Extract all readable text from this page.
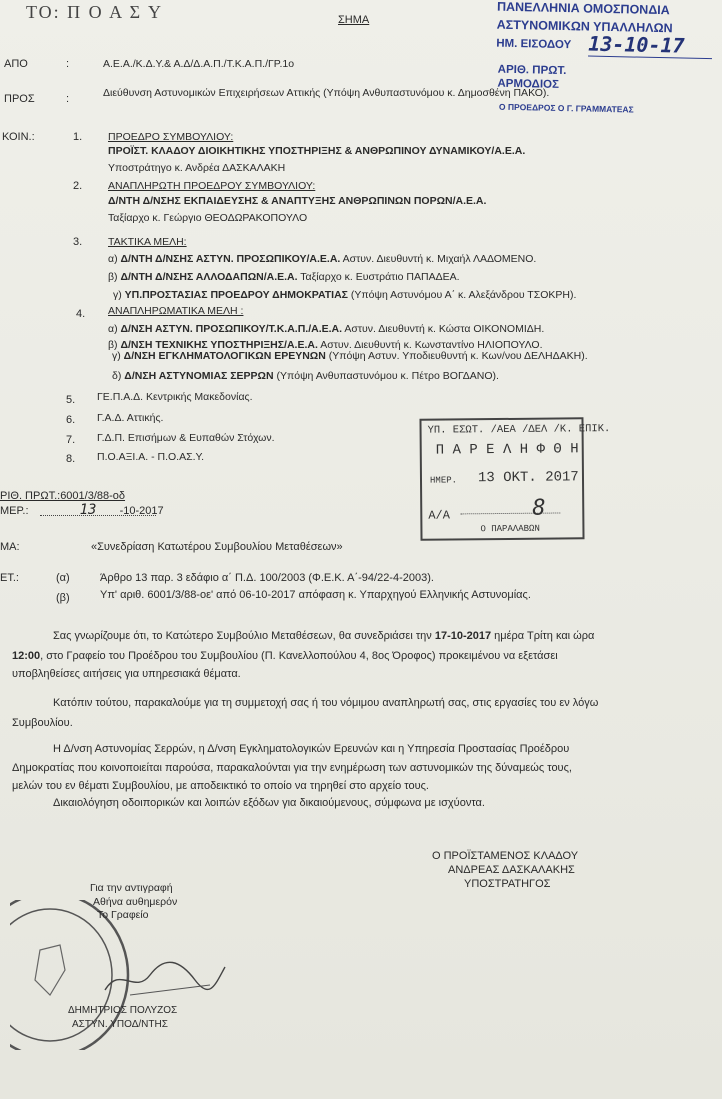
ΤΟ: Π Ο Α Σ Υ	ΣΗΜΑ
ΠΑΝΕΛΛΗΝΙΑ ΟΜΟΣΠΟΝΔΙΑ
ΑΣΤΥΝΟΜΙΚΩΝ ΥΠΑΛΛΗΛΩΝ
ΗΜ. ΕΙΣΟΔΟΥ 13-10-17
ΑΡΙΘ. ΠΡΩΤ.
ΑΡΜΟΔΙΟΣ
Ο ΠΡΟΕΔΡΟΣ Ο Γ. ΓΡΑΜΜΑΤΕΑΣ
ΑΠΟ	:	Α.Ε.Α./Κ.Δ.Υ.& Α.Δ/Δ.Α.Π./Τ.Κ.Α.Π./ΓΡ.1ο
ΠΡΟΣ	:	Διεύθυνση Αστυνομικών Επιχειρήσεων Αττικής (Υπόψη Ανθυπαστυνόμου κ. Δημοσθένη ΠΑΚΟ).
ΚΟΙΝ.:	1. ΠΡΟΕΔΡΟ ΣΥΜΒΟΥΛΙΟΥ:
ΠΡΟΪΣΤ. ΚΛΑΔΟΥ ΔΙΟΙΚΗΤΙΚΗΣ ΥΠΟΣΤΗΡΙΞΗΣ & ΑΝΘΡΩΠΙΝΟΥ ΔΥΝΑΜΙΚΟΥ/Α.Ε.Α.
Υποστράτηγο κ. Ανδρέα ΔΑΣΚΑΛΑΚΗ
2. ΑΝΑΠΛΗΡΩΤΗ ΠΡΟΕΔΡΟΥ ΣΥΜΒΟΥΛΙΟΥ:
Δ/ΝΤΗ Δ/ΝΣΗΣ ΕΚΠΑΙΔΕΥΣΗΣ & ΑΝΑΠΤΥΞΗΣ ΑΝΘΡΩΠΙΝΩΝ ΠΟΡΩΝ/Α.Ε.Α.
Ταξίαρχο κ. Γεώργιο ΘΕΟΔΩΡΑΚΟΠΟΥΛΟ
3. ΤΑΚΤΙΚΑ ΜΕΛΗ:
α) Δ/ΝΤΗ Δ/ΝΣΗΣ ΑΣΤΥΝ. ΠΡΟΣΩΠΙΚΟΥ/Α.Ε.Α. Αστυν. Διευθυντή κ. Μιχαήλ ΛΑΔΟΜΕΝΟ.
β) Δ/ΝΤΗ Δ/ΝΣΗΣ ΑΛΛΟΔΑΠΩΝ/Α.Ε.Α. Ταξίαρχο κ. Ευστράτιο ΠΑΠΑΔΕΑ.
γ) ΥΠ.ΠΡΟΣΤΑΣΙΑΣ ΠΡΟΕΔΡΟΥ ΔΗΜΟΚΡΑΤΙΑΣ (Υπόψη Αστυνόμου Α΄ κ. Αλεξάνδρου ΤΣΟΚΡΗ).
4. ΑΝΑΠΛΗΡΩΜΑΤΙΚΑ ΜΕΛΗ :
α) Δ/ΝΣΗ ΑΣΤΥΝ. ΠΡΟΣΩΠΙΚΟΥ/Τ.Κ.Α.Π./Α.Ε.Α. Αστυν. Διευθυντή κ. Κώστα ΟΙΚΟΝΟΜΙΔΗ.
β) Δ/ΝΣΗ ΤΕΧΝΙΚΗΣ ΥΠΟΣΤΗΡΙΞΗΣ/Α.Ε.Α. Αστυν. Διευθυντή κ. Κωνσταντίνο ΗΛΙΟΠΟΥΛΟ.
γ) Δ/ΝΣΗ ΕΓΚΛΗΜΑΤΟΛΟΓΙΚΩΝ ΕΡΕΥΝΩΝ (Υπόψη Αστυν. Υποδιευθυντή κ. Κων/νου ΔΕΛΗΔΑΚΗ).
δ) Δ/ΝΣΗ ΑΣΤΥΝΟΜΙΑΣ ΣΕΡΡΩΝ (Υπόψη Ανθυπαστυνόμου κ. Πέτρο ΒΟΓΔΑΝΟ).
5. ΓΕ.Π.Α.Δ. Κεντρικής Μακεδονίας.
6. Γ.Α.Δ. Αττικής.
7. Γ.Δ.Π. Επισήμων & Ευπαθών Στόχων.
8. Π.Ο.ΑΞΙ.Α. - Π.Ο.ΑΣ.Υ.
ΥΠ. ΕΣΩΤ. /ΑΕΑ /ΔΕΛ /Κ. ΕΠΙΚ.
Π Α Ρ Ε Λ Η Φ Θ Η
ΗΜΕΡ. 13 ΟΚΤ. 2017
Α/Α	8
Ο ΠΑΡΑΛΑΒΩΝ
ΡΙΘ. ΠΡΩΤ.:6001/3/88-οδ
ΜΕΡ.:	13 -10-2017
ΜΑ:	«Συνεδρίαση Κατωτέρου Συμβουλίου Μεταθέσεων»
ΕΤ.:	(α)	Άρθρο 13 παρ. 3 εδάφιο α΄ Π.Δ. 100/2003 (Φ.Ε.Κ. Α΄-94/22-4-2003).
(β)	Υπ' αριθ. 6001/3/88-οε' από 06-10-2017 απόφαση κ. Υπαρχηγού Ελληνικής Αστυνομίας.
Σας γνωρίζουμε ότι, το Κατώτερο Συμβούλιο Μεταθέσεων, θα συνεδριάσει την 17-10-2017 ημέρα Τρίτη και ώρα
12:00, στο Γραφείο του Προέδρου του Συμβουλίου (Π. Κανελλοπούλου 4, 8ος Όροφος) προκειμένου να εξετάσει
υποβληθείσες αιτήσεις για υπηρεσιακά θέματα.
Κατόπιν τούτου, παρακαλούμε για τη συμμετοχή σας ή του νόμιμου αναπληρωτή σας, στις εργασίες του εν λόγω
Συμβουλίου.
Η Δ/νση Αστυνομίας Σερρών, η Δ/νση Εγκληματολογικών Ερευνών και η Υπηρεσία Προστασίας Προέδρου
Δημοκρατίας που κοινοποιείται παρούσα, παρακαλούνται για την ενημέρωση των αστυνομικών της δύναμεώς τους,
μελών του εν θέματι Συμβουλίου, με αποδεικτικό το οποίο να τηρηθεί στο αρχείο τους.
Δικαιολόγηση οδοιπορικών και λοιπών εξόδων για δικαιούμενους, σύμφωνα με ισχύοντα.
Ο ΠΡΟΪΣΤΑΜΕΝΟΣ ΚΛΑΔΟΥ
ΑΝΔΡΕΑΣ ΔΑΣΚΑΛΑΚΗΣ
ΥΠΟΣΤΡΑΤΗΓΟΣ
Για την αντιγραφή
Αθήνα αυθημερόν
Το Γραφείο
ΔΗΜΗΤΡΙΟΣ ΠΟΛΥΖΟΣ
ΑΣΤΥΝ. ΥΠΟΔ/ΝΤΗΣ
